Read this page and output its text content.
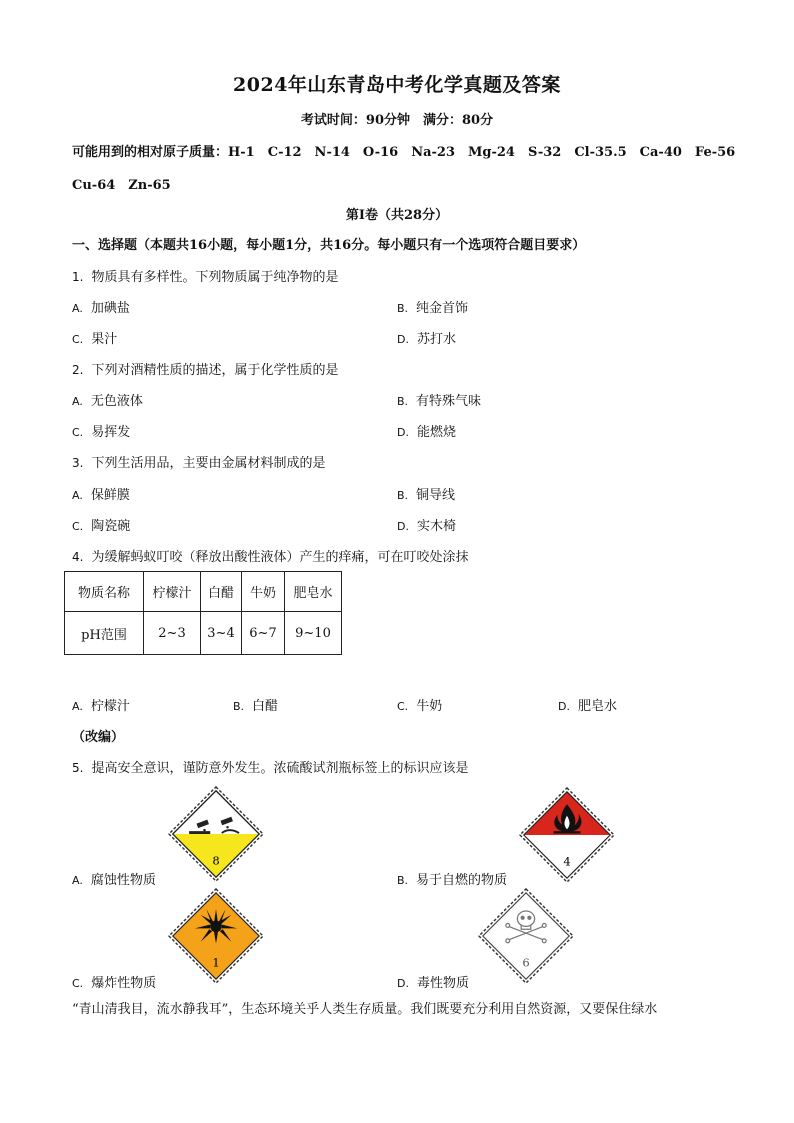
2024年山东青岛中考化学真题及答案
考试时间：90分钟　满分：80分
可能用到的相对原子质量：H-1　C-12　N-14　O-16　Na-23　Mg-24　S-32　Cl-35.5　Ca-40　Fe-56
Cu-64　Zn-65
第Ⅰ卷（共28分）
一、选择题（本题共16小题，每小题1分，共16分。每小题只有一个选项符合题目要求）
1. 物质具有多样性。下列物质属于纯净物的是
A. 加碘盐	B. 纯金首饰
C. 果汁	D. 苏打水
2. 下列对酒精性质的描述，属于化学性质的是
A. 无色液体	B. 有特殊气味
C. 易挥发	D. 能燃烧
3. 下列生活用品，主要由金属材料制成的是
A. 保鲜膜	B. 铜导线
C. 陶瓷碗	D. 实木椅
4. 为缓解蚂蚁叮咬（释放出酸性液体）产生的痒痛，可在叮咬处涂抹
物质名称	柠檬汁	白醋	牛奶	肥皂水
pH范围	2~3	3~4	6~7	9~10
A. 柠檬汁	B. 白醋	C. 牛奶	D. 肥皂水
（改编）
5. 提高安全意识，谨防意外发生。浓硫酸试剂瓶标签上的标识应该是
8
A. 腐蚀性物质
4
B. 易于自燃的物质
1
C. 爆炸性物质
6
D. 毒性物质
“青山清我目，流水静我耳”，生态环境关乎人类生存质量。我们既要充分利用自然资源，又要保住绿水
